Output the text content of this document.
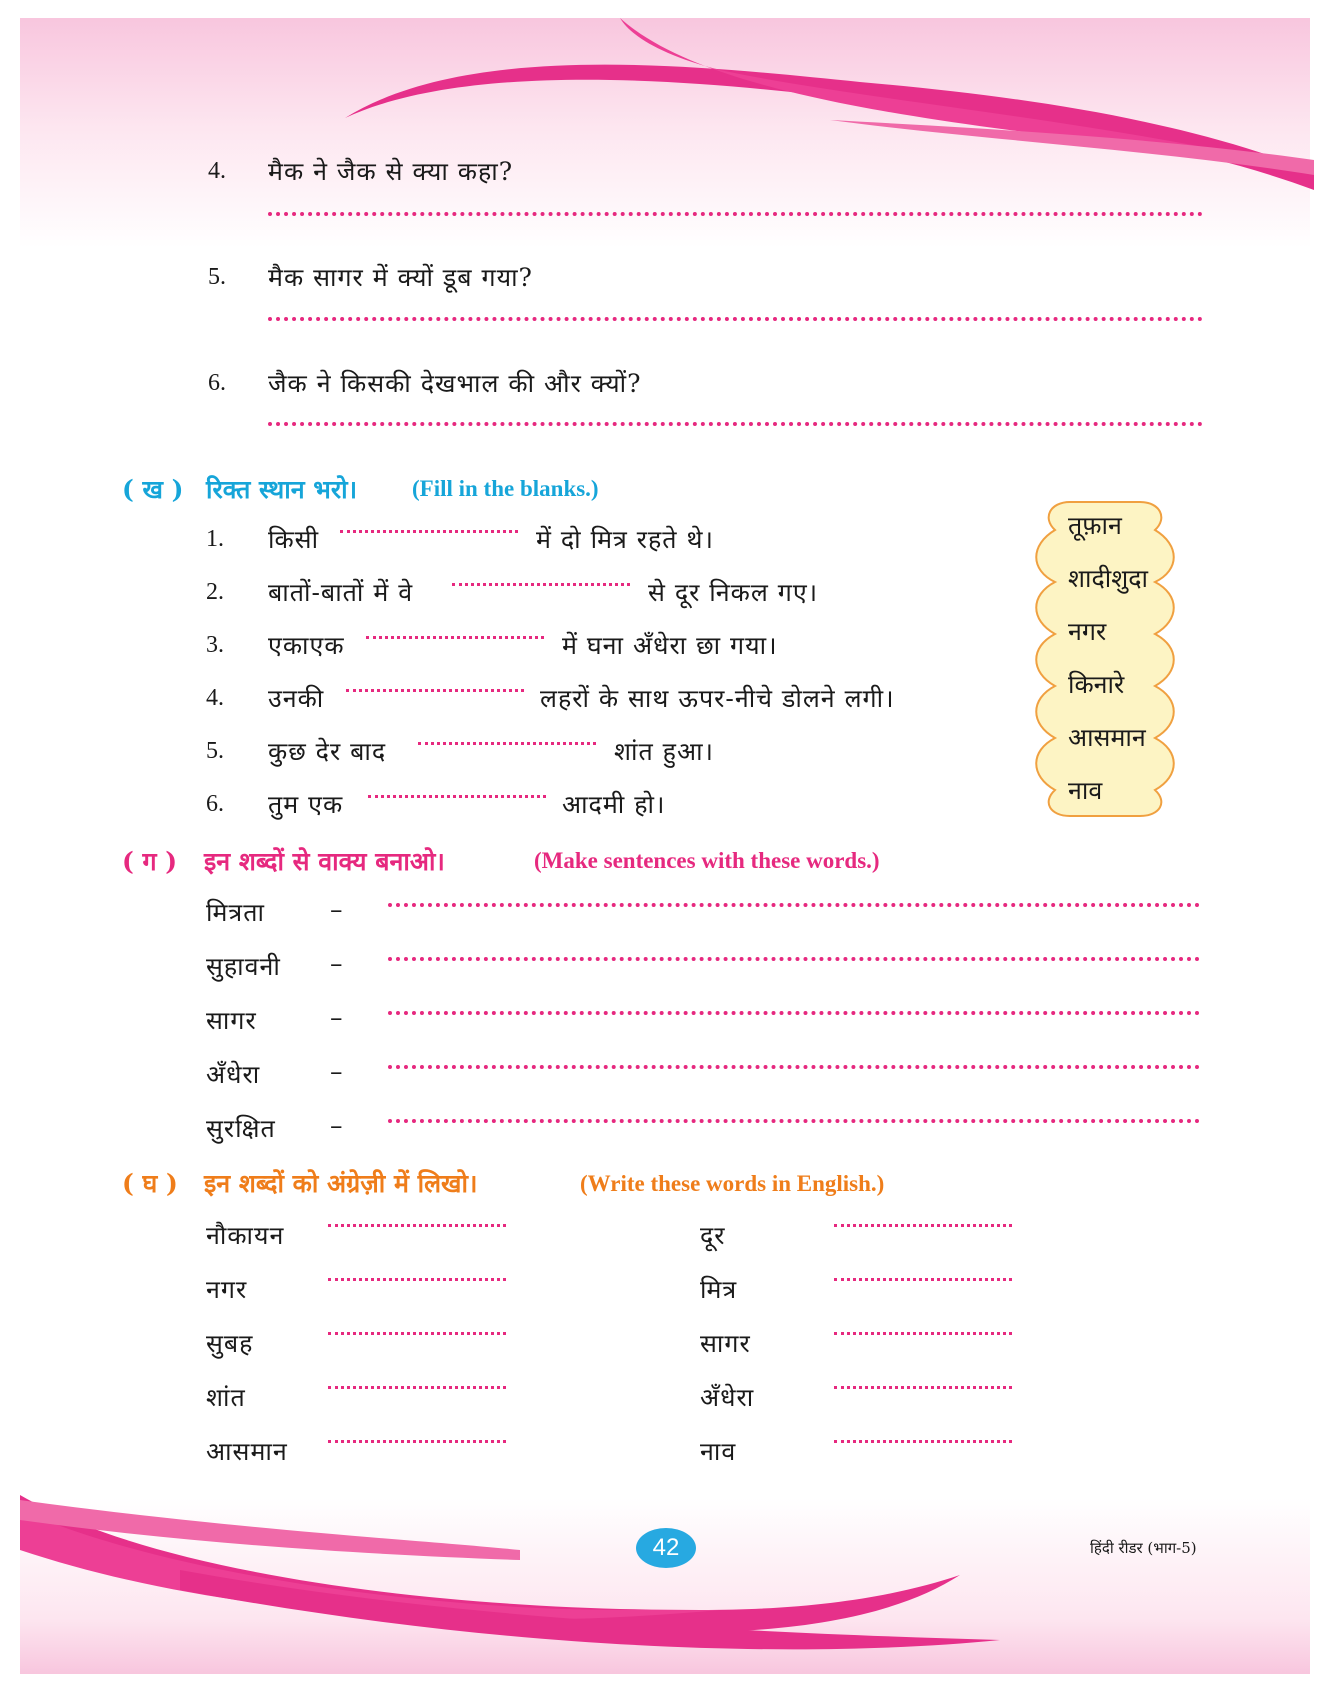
4. मैक ने जैक से क्या कहा?
5. मैक सागर में क्यों डूब गया?
6. जैक ने किसकी देखभाल की और क्यों?
( ख ) रिक्त स्थान भरो। (Fill in the blanks.)
1. किसी	में दो मित्र रहते थे।
2. बातों-बातों में वे	से दूर निकल गए।
3. एकाएक	में घना अँधेरा छा गया।
4. उनकी	लहरों के साथ ऊपर-नीचे डोलने लगी।
5. कुछ देर बाद	शांत हुआ।
6. तुम एक	आदमी हो।
तूफ़ान
शादीशुदा
नगर
किनारे
आसमान
नाव
( ग ) इन शब्दों से वाक्य बनाओ।	(Make sentences with these words.)
मित्रता	–
सुहावनी –
सागर	–
अँधेरा	–
सुरक्षित –
( घ ) इन शब्दों को अंग्रेज़ी में लिखो।	(Write these words in English.)
नौकायन	दूर
नगर	मित्र
सुबह	सागर
शांत	अँधेरा
आसमान	नाव
42	हिंदी रीडर (भाग-5)
